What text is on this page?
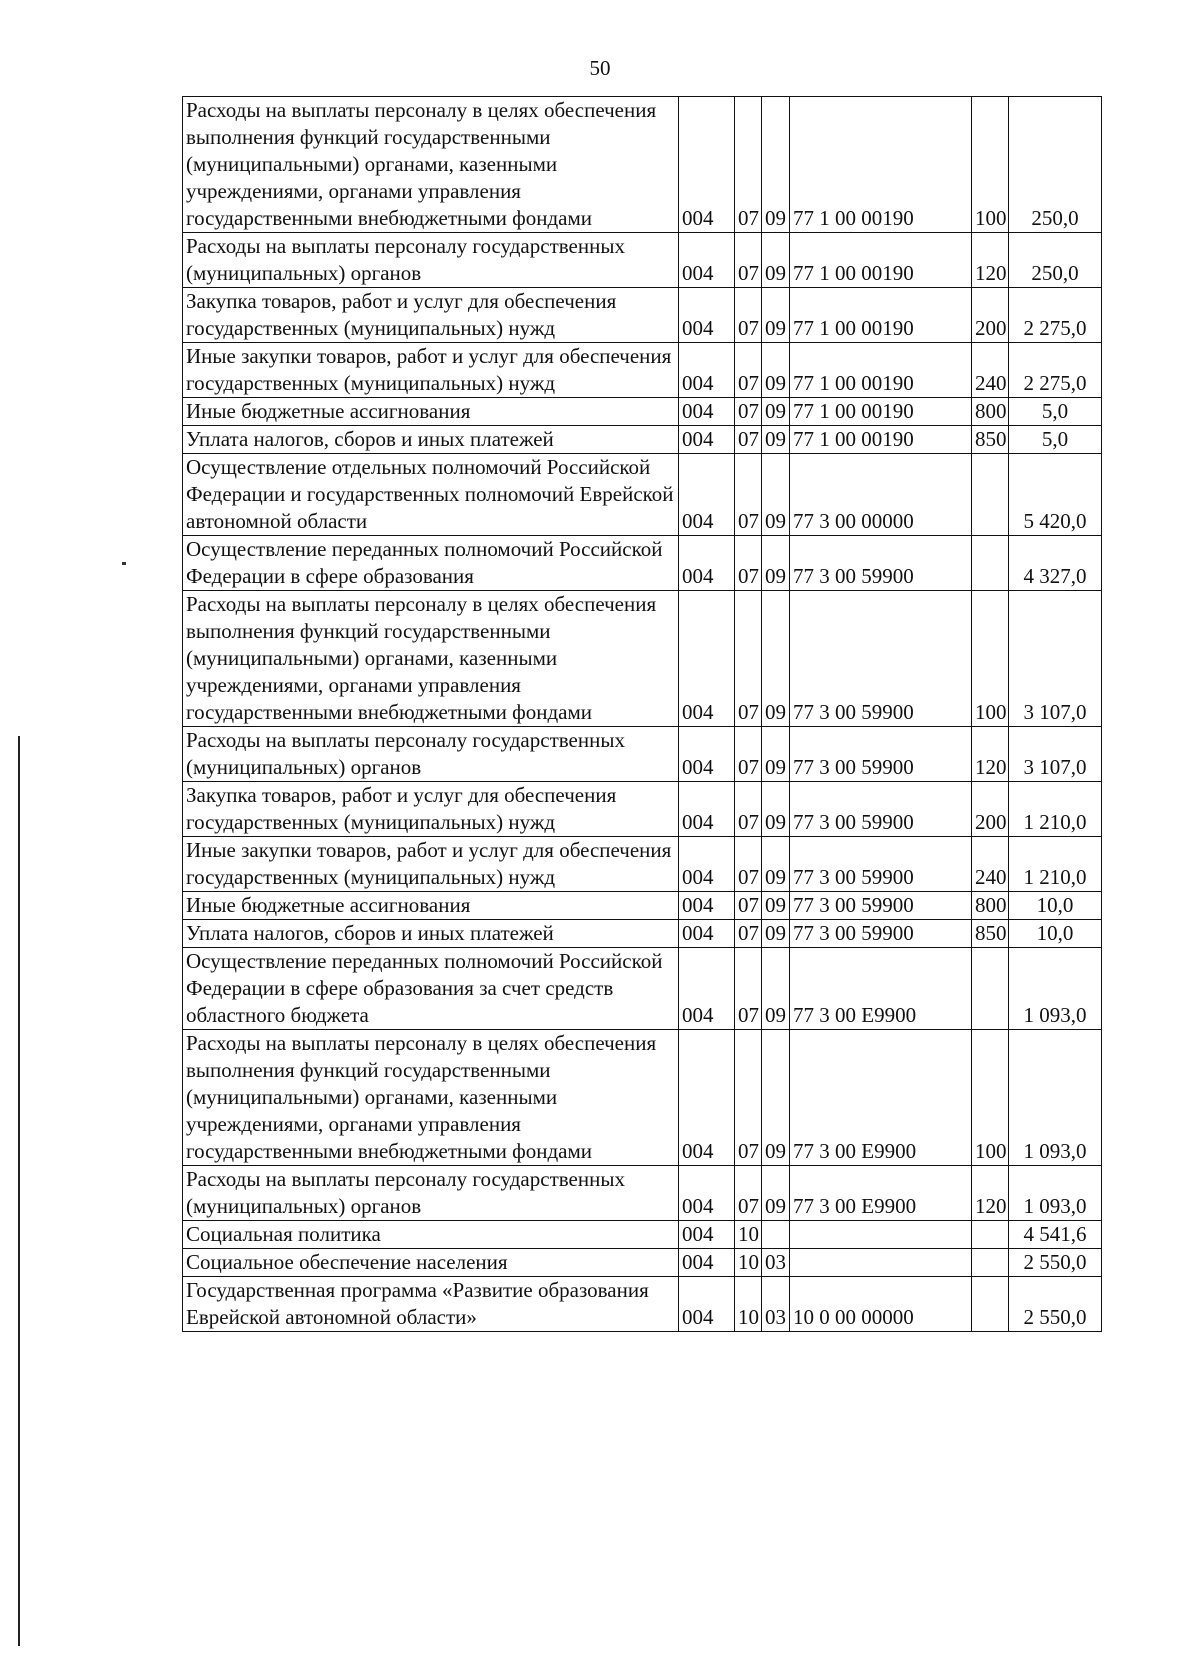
50
Расходы на выплаты персоналу в целях обеспечения выполнения функций государственными (муниципальными) органами, казенными учреждениями, органами управления государственными внебюджетными фондами	004	07	09	77 1 00 00190	100	250,0
Расходы на выплаты персоналу государственных (муниципальных) органов	004	07	09	77 1 00 00190	120	250,0
Закупка товаров, работ и услуг для обеспечения государственных (муниципальных) нужд	004	07	09	77 1 00 00190	200	2 275,0
Иные закупки товаров, работ и услуг для обеспечения государственных (муниципальных) нужд	004	07	09	77 1 00 00190	240	2 275,0
Иные бюджетные ассигнования	004	07	09	77 1 00 00190	800	5,0
Уплата налогов, сборов и иных платежей	004	07	09	77 1 00 00190	850	5,0
Осуществление отдельных полномочий Российской Федерации и государственных полномочий Еврейской автономной области	004	07	09	77 3 00 00000		5 420,0
Осуществление переданных полномочий Российской Федерации в сфере образования	004	07	09	77 3 00 59900		4 327,0
Расходы на выплаты персоналу в целях обеспечения выполнения функций государственными (муниципальными) органами, казенными учреждениями, органами управления государственными внебюджетными фондами	004	07	09	77 3 00 59900	100	3 107,0
Расходы на выплаты персоналу государственных (муниципальных) органов	004	07	09	77 3 00 59900	120	3 107,0
Закупка товаров, работ и услуг для обеспечения государственных (муниципальных) нужд	004	07	09	77 3 00 59900	200	1 210,0
Иные закупки товаров, работ и услуг для обеспечения государственных (муниципальных) нужд	004	07	09	77 3 00 59900	240	1 210,0
Иные бюджетные ассигнования	004	07	09	77 3 00 59900	800	10,0
Уплата налогов, сборов и иных платежей	004	07	09	77 3 00 59900	850	10,0
Осуществление переданных полномочий Российской Федерации в сфере образования за счет средств областного бюджета	004	07	09	77 3 00 E9900		1 093,0
Расходы на выплаты персоналу в целях обеспечения выполнения функций государственными (муниципальными) органами, казенными учреждениями, органами управления государственными внебюджетными фондами	004	07	09	77 3 00 E9900	100	1 093,0
Расходы на выплаты персоналу государственных (муниципальных) органов	004	07	09	77 3 00 E9900	120	1 093,0
Социальная политика	004	10				4 541,6
Социальное обеспечение населения	004	10	03			2 550,0
Государственная программа «Развитие образования Еврейской автономной области»	004	10	03	10 0 00 00000		2 550,0
